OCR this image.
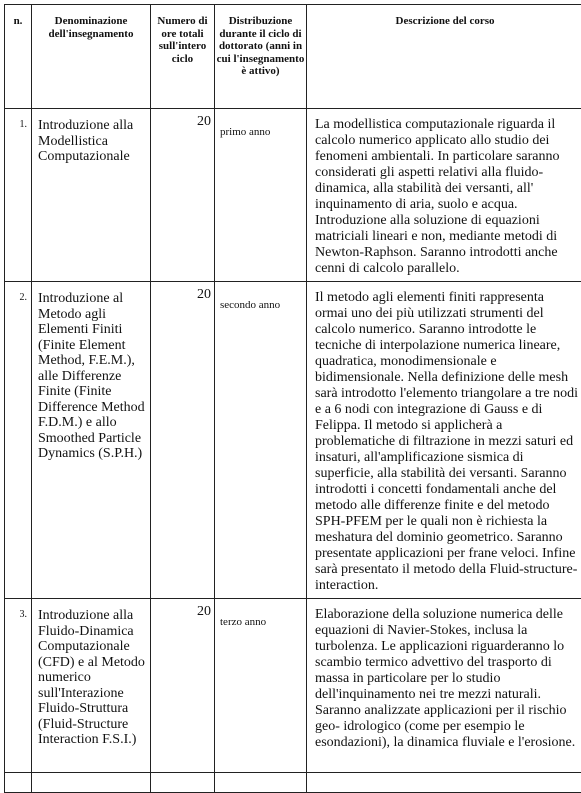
n.	Denominazione dell'insegnamento	Numero di ore totali sull'intero ciclo	Distribuzione durante il ciclo di dottorato (anni in cui l'insegnamento è attivo)	Descrizione del corso
1.	Introduzione alla Modellistica Computazionale	20	primo anno	La modellistica computazionale riguarda il calcolo numerico applicato allo studio dei fenomeni ambientali. In particolare saranno considerati gli aspetti relativi alla fluido-dinamica, alla stabilità dei versanti, all' inquinamento di aria, suolo e acqua. Introduzione alla soluzione di equazioni matriciali lineari e non, mediante metodi di Newton-Raphson. Saranno introdotti anche cenni di calcolo parallelo.
2.	Introduzione al Metodo agli Elementi Finiti (Finite Element Method, F.E.M.), alle Differenze Finite (Finite Difference Method F.D.M.) e allo Smoothed Particle Dynamics (S.P.H.)	20	secondo anno	Il metodo agli elementi finiti rappresenta ormai uno dei più utilizzati strumenti del calcolo numerico. Saranno introdotte le tecniche di interpolazione numerica lineare, quadratica, monodimensionale e bidimensionale. Nella definizione delle mesh sarà introdotto l'elemento triangolare a tre nodi e a 6 nodi con integrazione di Gauss e di Felippa. Il metodo si applicherà a problematiche di filtrazione in mezzi saturi ed insaturi, all'amplificazione sismica di superficie, alla stabilità dei versanti. Saranno introdotti i concetti fondamentali anche del metodo alle differenze finite e del metodo SPH-PFEM per le quali non è richiesta la meshatura del dominio geometrico. Saranno presentate applicazioni per frane veloci. Infine sarà presentato il metodo della Fluid-structure-interaction.
3.	Introduzione alla Fluido-Dinamica Computazionale (CFD) e al Metodo numerico sull'Interazione Fluido-Struttura (Fluid-Structure Interaction F.S.I.)	20	terzo anno	Elaborazione della soluzione numerica delle equazioni di Navier-Stokes, inclusa la turbolenza. Le applicazioni riguarderanno lo scambio termico advettivo del trasporto di massa in particolare per lo studio dell'inquinamento nei tre mezzi naturali. Saranno analizzate applicazioni per il rischio geo- idrologico (come per esempio le esondazioni), la dinamica fluviale e l'erosione.
